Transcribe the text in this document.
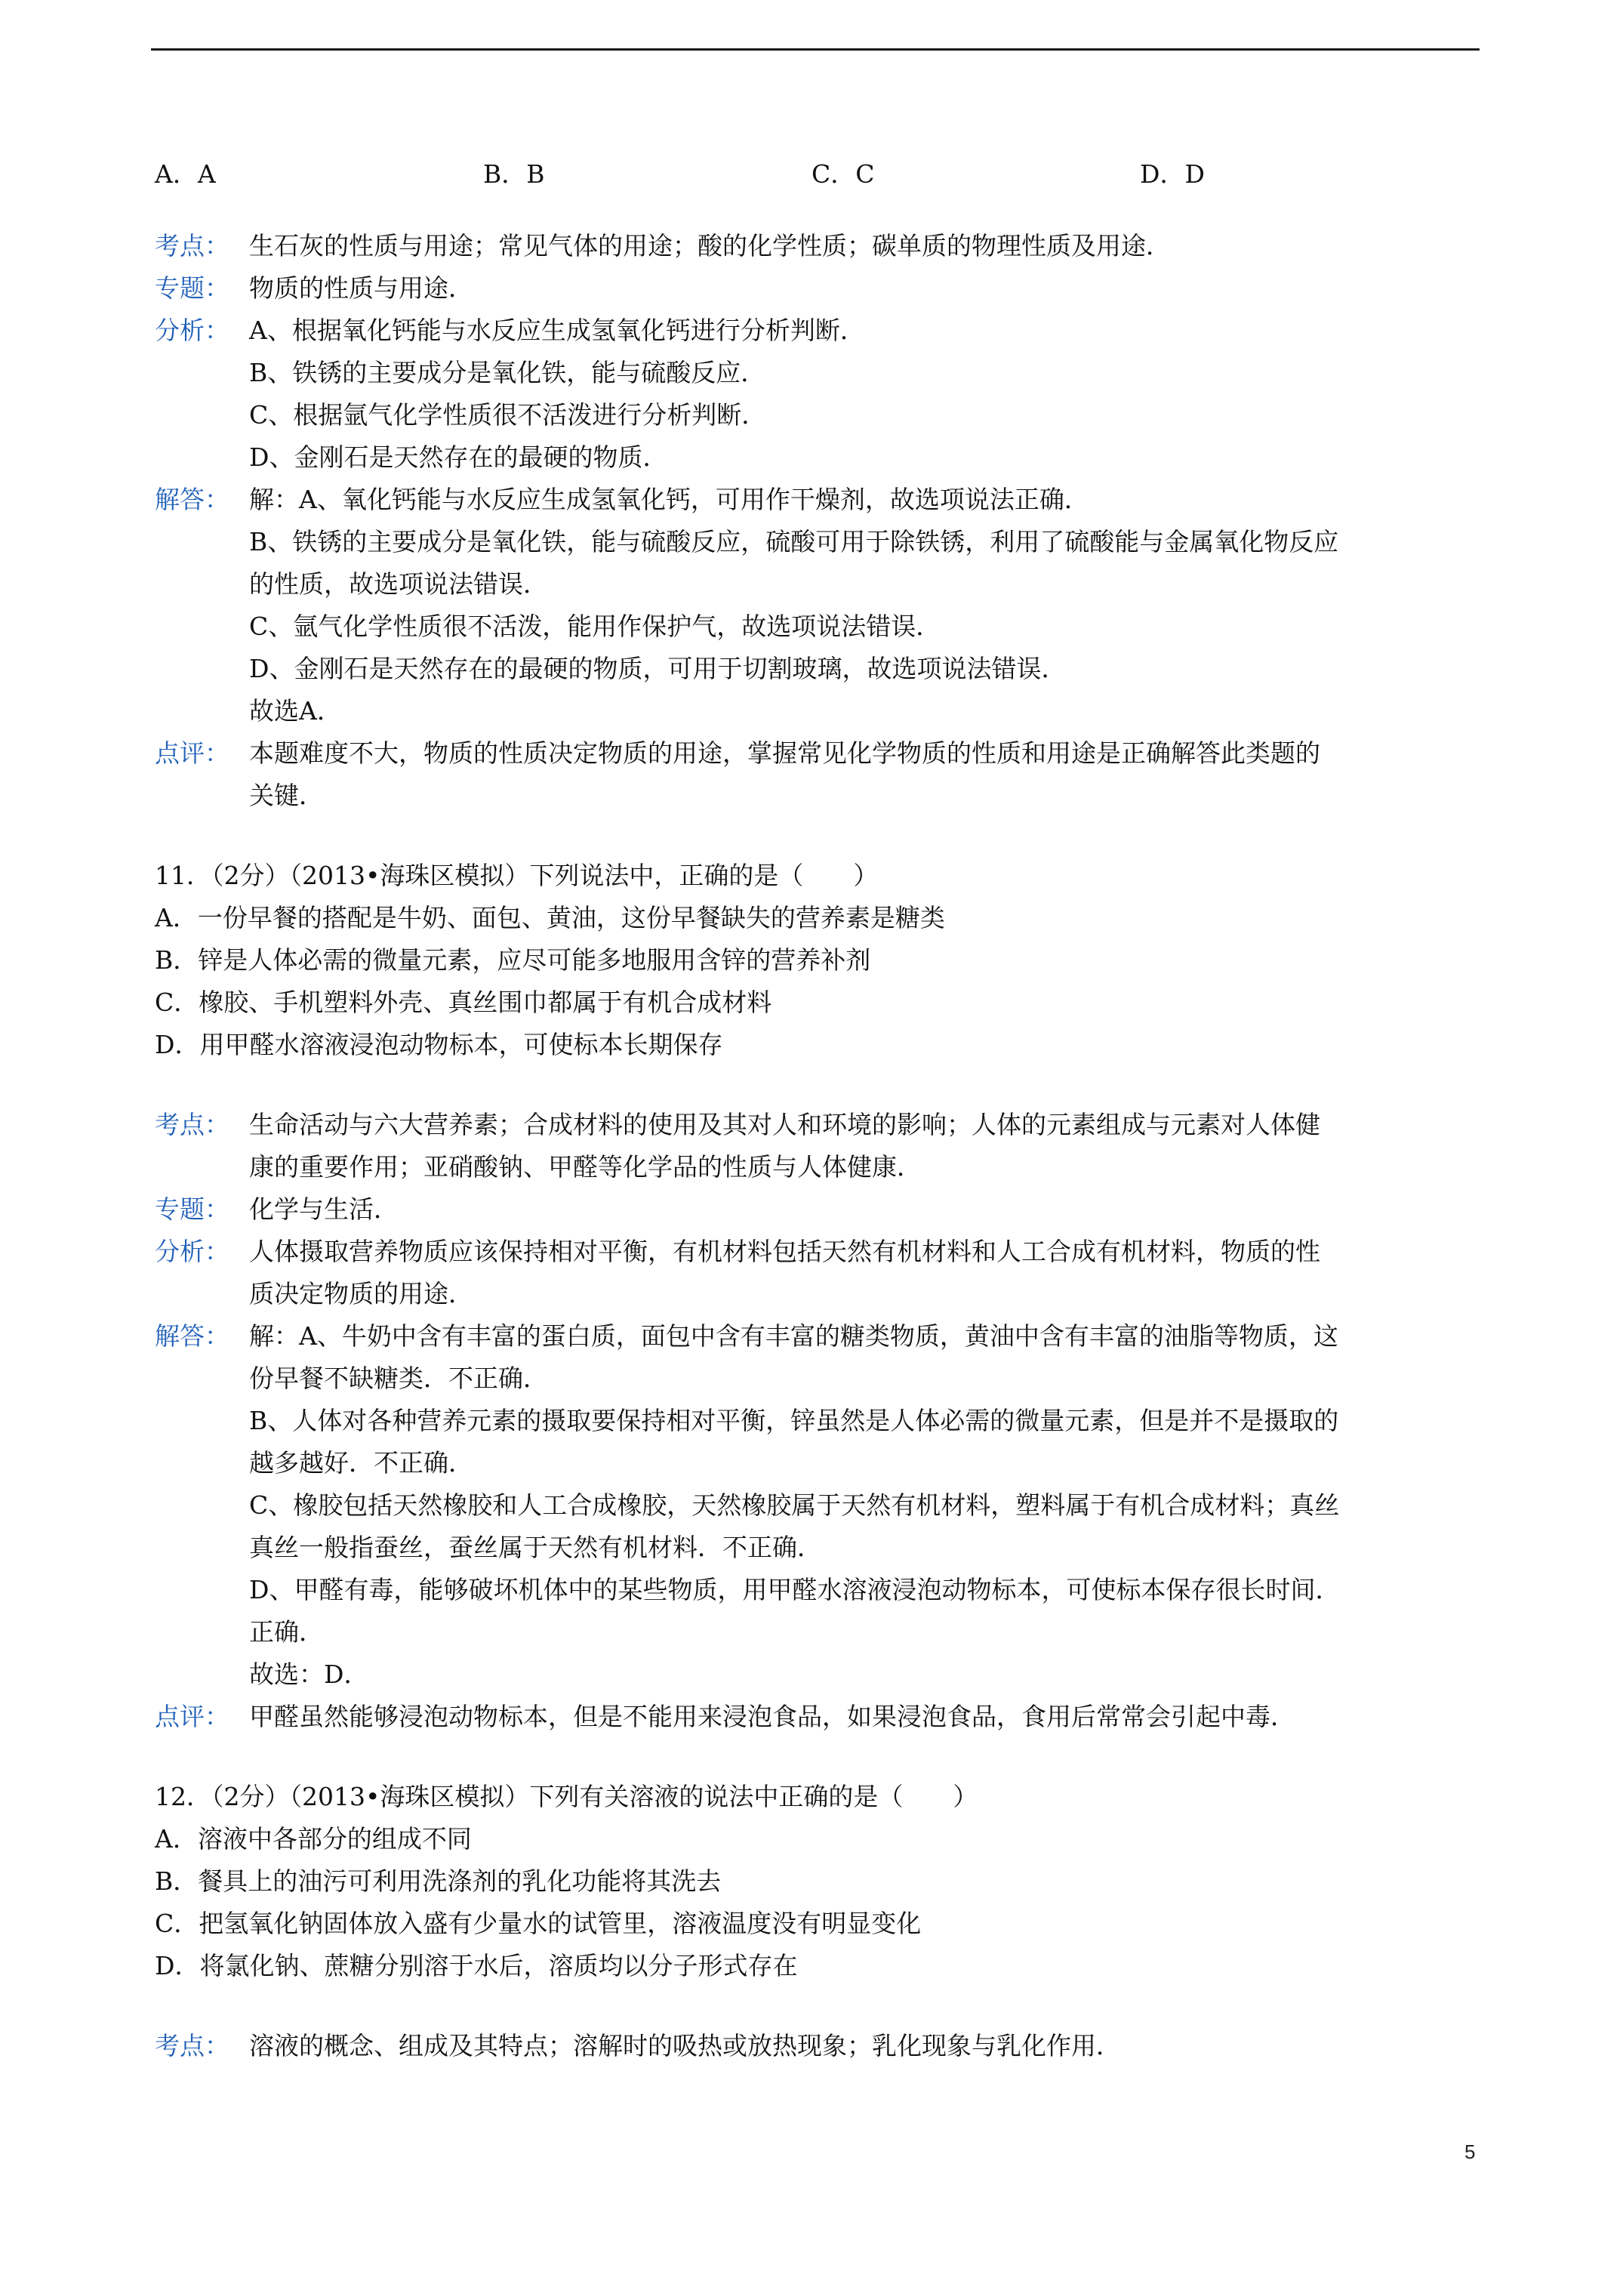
A．A	B．B	C．C	D．D
考点： 生石灰的性质与用途；常见气体的用途；酸的化学性质；碳单质的物理性质及用途．

专题： 物质的性质与用途．

分析： A、根据氧化钙能与水反应生成氢氧化钙进行分析判断．

B、铁锈的主要成分是氧化铁，能与硫酸反应．

C、根据氩气化学性质很不活泼进行分析判断．

D、金刚石是天然存在的最硬的物质．

解答： 解：A、氧化钙能与水反应生成氢氧化钙，可用作干燥剂，故选项说法正确．

B、铁锈的主要成分是氧化铁，能与硫酸反应，硫酸可用于除铁锈，利用了硫酸能与金属氧化物反应

的性质，故选项说法错误．

C、氩气化学性质很不活泼，能用作保护气，故选项说法错误．

D、金刚石是天然存在的最硬的物质，可用于切割玻璃，故选项说法错误．

故选A．

点评： 本题难度不大，物质的性质决定物质的用途，掌握常见化学物质的性质和用途是正确解答此类题的

关键．

11．（2分）（2013•海珠区模拟）下列说法中，正确的是（　　）

A．一份早餐的搭配是牛奶、面包、黄油，这份早餐缺失的营养素是糖类

B．锌是人体必需的微量元素，应尽可能多地服用含锌的营养补剂

C．橡胶、手机塑料外壳、真丝围巾都属于有机合成材料

D．用甲醛水溶液浸泡动物标本，可使标本长期保存

考点： 生命活动与六大营养素；合成材料的使用及其对人和环境的影响；人体的元素组成与元素对人体健

康的重要作用；亚硝酸钠、甲醛等化学品的性质与人体健康．

专题： 化学与生活．

分析： 人体摄取营养物质应该保持相对平衡，有机材料包括天然有机材料和人工合成有机材料，物质的性

质决定物质的用途．

解答： 解：A、牛奶中含有丰富的蛋白质，面包中含有丰富的糖类物质，黄油中含有丰富的油脂等物质，这

份早餐不缺糖类．不正确．

B、人体对各种营养元素的摄取要保持相对平衡，锌虽然是人体必需的微量元素，但是并不是摄取的

越多越好．不正确．

C、橡胶包括天然橡胶和人工合成橡胶，天然橡胶属于天然有机材料，塑料属于有机合成材料；真丝

真丝一般指蚕丝，蚕丝属于天然有机材料．不正确．

D、甲醛有毒，能够破坏机体中的某些物质，用甲醛水溶液浸泡动物标本，可使标本保存很长时间．

正确．

故选：D．

点评： 甲醛虽然能够浸泡动物标本，但是不能用来浸泡食品，如果浸泡食品，食用后常常会引起中毒．

12．（2分）（2013•海珠区模拟）下列有关溶液的说法中正确的是（　　）

A．溶液中各部分的组成不同

B．餐具上的油污可利用洗涤剂的乳化功能将其洗去

C．把氢氧化钠固体放入盛有少量水的试管里，溶液温度没有明显变化

D．将氯化钠、蔗糖分别溶于水后，溶质均以分子形式存在

考点： 溶液的概念、组成及其特点；溶解时的吸热或放热现象；乳化现象与乳化作用．

5
